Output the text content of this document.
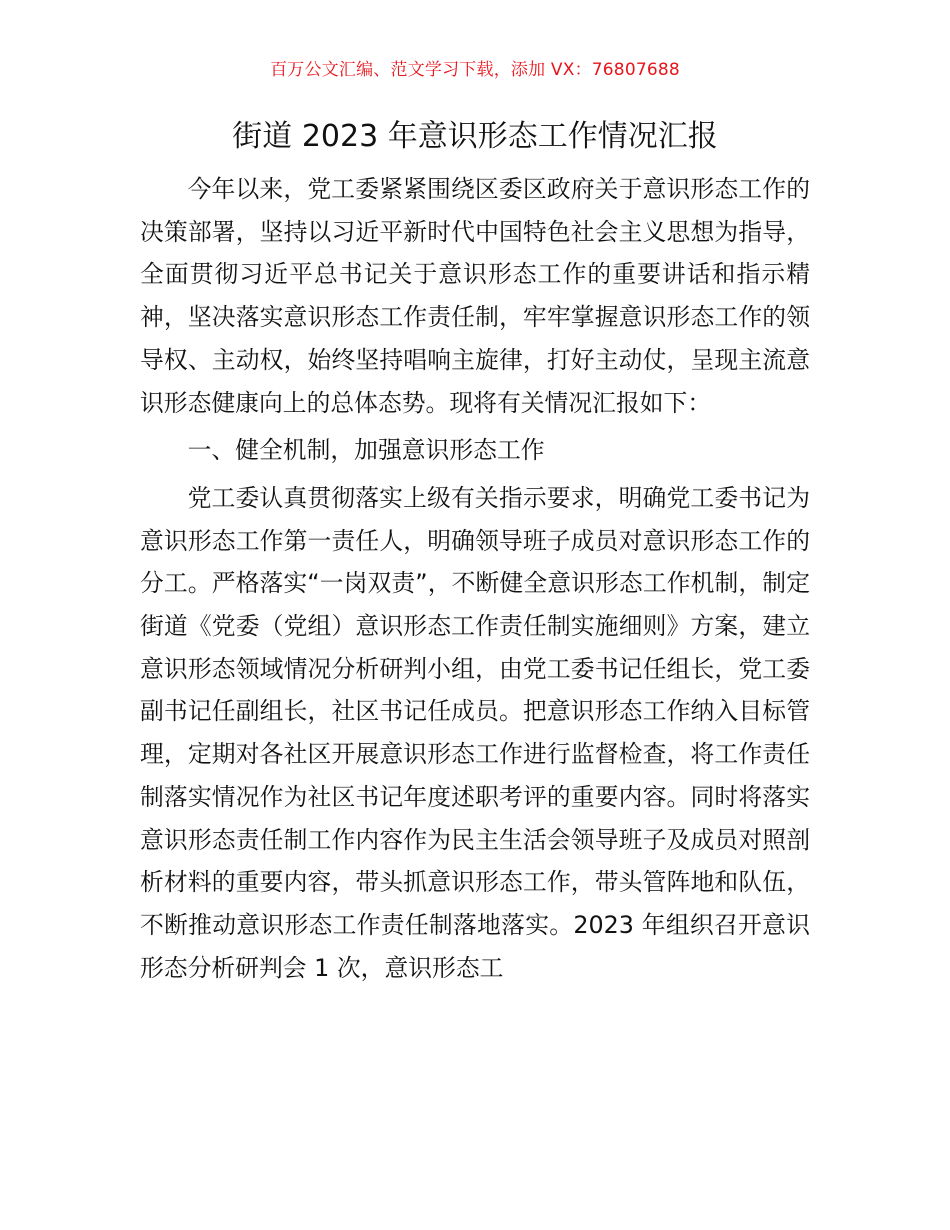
百万公文汇编、范文学习下载，添加 VX：76807688
街道 2023 年意识形态工作情况汇报

今年以来，党工委紧紧围绕区委区政府关于意识形态工作的决策部署，坚持以习近平新时代中国特色社会主义思想为指导，全面贯彻习近平总书记关于意识形态工作的重要讲话和指示精神，坚决落实意识形态工作责任制，牢牢掌握意识形态工作的领导权、主动权，始终坚持唱响主旋律，打好主动仗，呈现主流意识形态健康向上的总体态势。现将有关情况汇报如下：

一、健全机制，加强意识形态工作

党工委认真贯彻落实上级有关指示要求，明确党工委书记为意识形态工作第一责任人，明确领导班子成员对意识形态工作的分工。严格落实“一岗双责”，不断健全意识形态工作机制，制定街道《党委（党组）意识形态工作责任制实施细则》方案，建立意识形态领域情况分析研判小组，由党工委书记任组长，党工委副书记任副组长，社区书记任成员。把意识形态工作纳入目标管理，定期对各社区开展意识形态工作进行监督检查，将工作责任制落实情况作为社区书记年度述职考评的重要内容。同时将落实意识形态责任制工作内容作为民主生活会领导班子及成员对照剖析材料的重要内容，带头抓意识形态工作，带头管阵地和队伍，不断推动意识形态工作责任制落地落实。2023 年组织召开意识形态分析研判会 1 次，意识形态工
